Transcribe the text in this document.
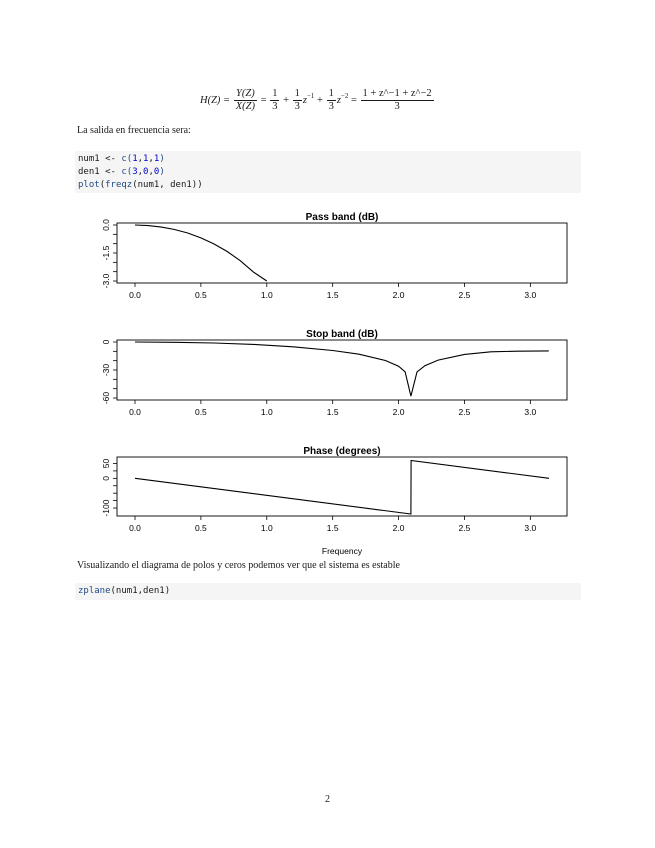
$H(Z) = \frac{Y(Z)}{X(Z)} = \frac{1}{3} + \frac{1}{3} z^{-1} + \frac{1}{3} z^{-2} = \frac{1 + z\^{}-1 + z\^{}-2}{3}$
La salida en frecuencia sera:
num1 <- c(1,1,1)
den1 <- c(3,0,0)
plot(freqz(num1, den1))
Pass band (dB)
0.0	0.5	1.0	1.5	2.0	2.5	3.0
0.0
-1.5
-3.0
Stop band (dB)
0.0	0.5	1.0	1.5	2.0	2.5	3.0
0
-30
-60
Phase (degrees)
0.0	0.5	1.0	1.5	2.0	2.5	3.0
50
0
-100
Frequency
Visualizando el diagrama de polos y ceros podemos ver que el sistema es estable
zplane(num1,den1)
2
